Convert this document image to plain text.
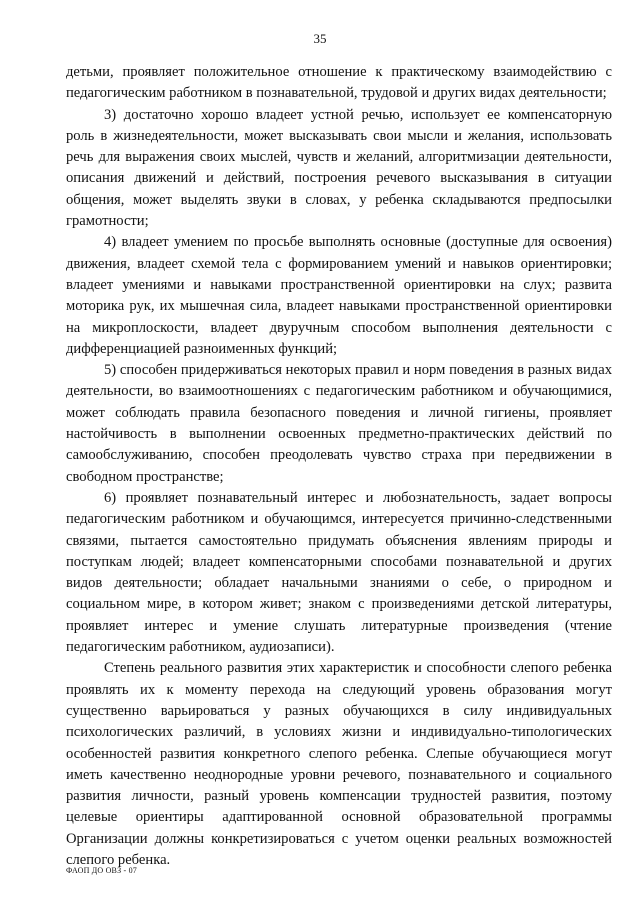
35

детьми, проявляет положительное отношение к практическому взаимодействию с педагогическим работником в познавательной, трудовой и других видах деятельности;

3) достаточно хорошо владеет устной речью, использует ее компенсаторную роль в жизнедеятельности, может высказывать свои мысли и желания, использовать речь для выражения своих мыслей, чувств и желаний, алгоритмизации деятельности, описания движений и действий, построения речевого высказывания в ситуации общения, может выделять звуки в словах, у ребенка складываются предпосылки грамотности;

4) владеет умением по просьбе выполнять основные (доступные для освоения) движения, владеет схемой тела с формированием умений и навыков ориентировки; владеет умениями и навыками пространственной ориентировки на слух; развита моторика рук, их мышечная сила, владеет навыками пространственной ориентировки на микроплоскости, владеет двуручным способом выполнения деятельности с дифференциацией разноименных функций;

5) способен придерживаться некоторых правил и норм поведения в разных видах деятельности, во взаимоотношениях с педагогическим работником и обучающимися, может соблюдать правила безопасного поведения и личной гигиены, проявляет настойчивость в выполнении освоенных предметно-практических действий по самообслуживанию, способен преодолевать чувство страха при передвижении в свободном пространстве;

6) проявляет познавательный интерес и любознательность, задает вопросы педагогическим работником и обучающимся, интересуется причинно-следственными связями, пытается самостоятельно придумать объяснения явлениям природы и поступкам людей; владеет компенсаторными способами познавательной и других видов деятельности; обладает начальными знаниями о себе, о природном и социальном мире, в котором живет; знаком с произведениями детской литературы, проявляет интерес и умение слушать литературные произведения (чтение педагогическим работником, аудиозаписи).

Степень реального развития этих характеристик и способности слепого ребенка проявлять их к моменту перехода на следующий уровень образования могут существенно варьироваться у разных обучающихся в силу индивидуальных психологических различий, в условиях жизни и индивидуально-типологических особенностей развития конкретного слепого ребенка. Слепые обучающиеся могут иметь качественно неоднородные уровни речевого, познавательного и социального развития личности, разный уровень компенсации трудностей развития, поэтому целевые ориентиры адаптированной основной образовательной программы Организации должны конкретизироваться с учетом оценки реальных возможностей слепого ребенка.

ФАОП ДО ОВЗ - 07
